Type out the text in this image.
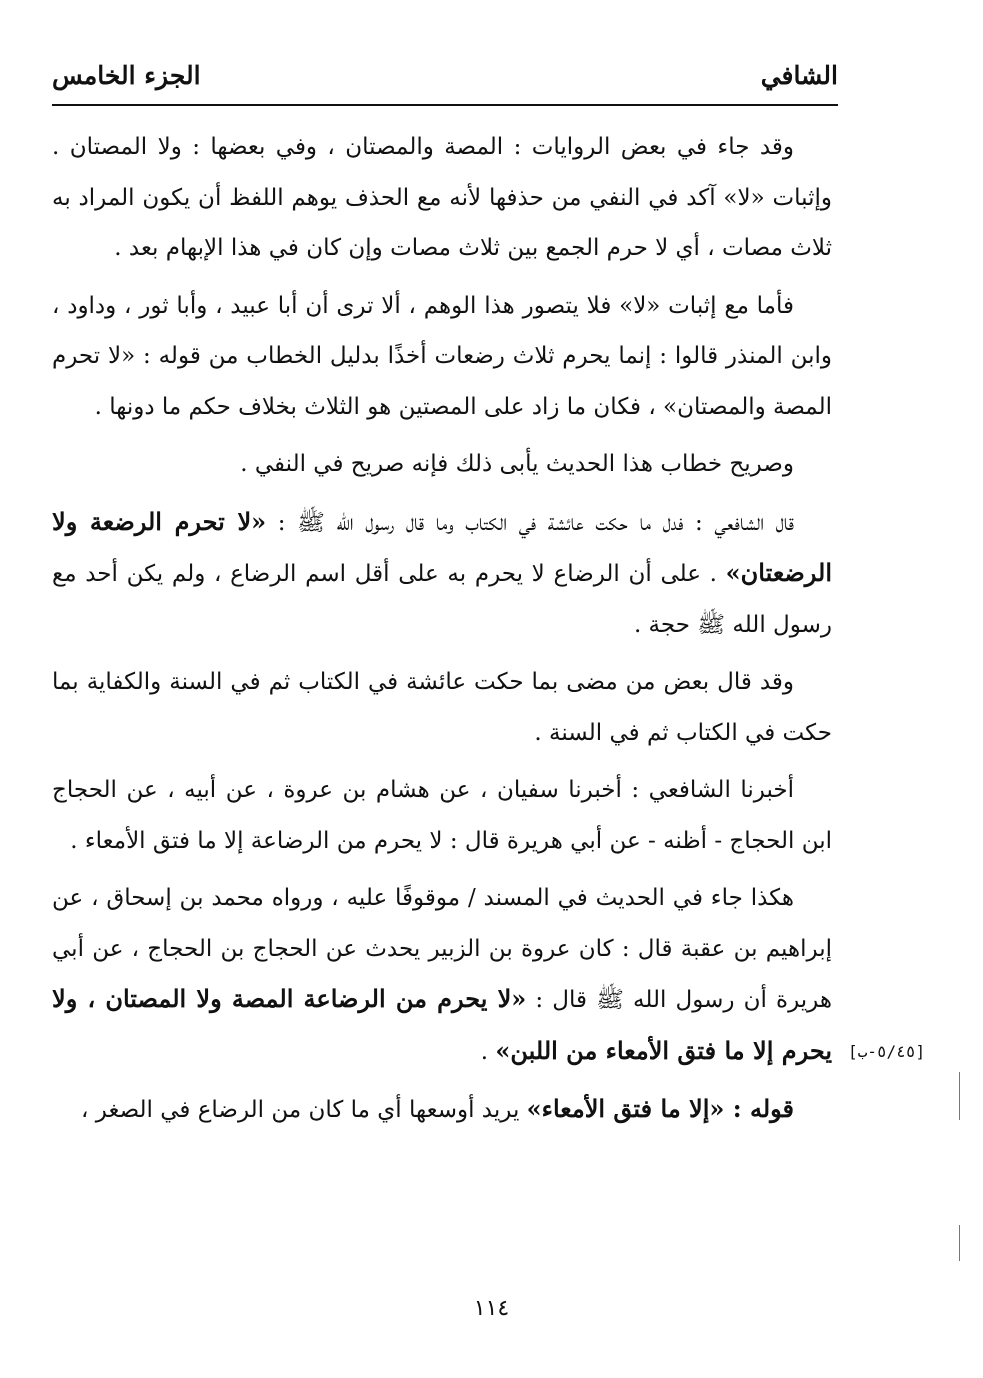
الشافي
الجزء الخامس

وقد جاء في بعض الروايات : المصة والمصتان ، وفي بعضها : ولا المصتان . وإثبات «لا» آكد في النفي من حذفها لأنه مع الحذف يوهم اللفظ أن يكون المراد به ثلاث مصات ، أي لا حرم الجمع بين ثلاث مصات وإن كان في هذا الإبهام بعد .

فأما مع إثبات «لا» فلا يتصور هذا الوهم ، ألا ترى أن أبا عبيد ، وأبا ثور ، وداود ، وابن المنذر قالوا : إنما يحرم ثلاث رضعات أخذًا بدليل الخطاب من قوله : «لا تحرم المصة والمصتان» ، فكان ما زاد على المصتين هو الثلاث بخلاف حكم ما دونها .

وصريح خطاب هذا الحديث يأبى ذلك فإنه صريح في النفي .

قال الشافعي : فدل ما حكت عائشة في الكتاب وما قال رسول الله ﷺ : «لا تحرم الرضعة ولا الرضعتان» . على أن الرضاع لا يحرم به على أقل اسم الرضاع ، ولم يكن أحد مع رسول الله ﷺ حجة .

وقد قال بعض من مضى بما حكت عائشة في الكتاب ثم في السنة والكفاية بما حكت في الكتاب ثم في السنة .

أخبرنا الشافعي : أخبرنا سفيان ، عن هشام بن عروة ، عن أبيه ، عن الحجاج ابن الحجاج - أظنه - عن أبي هريرة قال : لا يحرم من الرضاعة إلا ما فتق الأمعاء .

هكذا جاء في الحديث في المسند / موقوفًا عليه ، ورواه محمد بن إسحاق ، عن إبراهيم بن عقبة قال : كان عروة بن الزبير يحدث عن الحجاج بن الحجاج ، عن أبي هريرة أن رسول الله ﷺ قال : «لا يحرم من الرضاعة المصة ولا المصتان ، ولا يحرم إلا ما فتق الأمعاء من اللبن» .

قوله : «إلا ما فتق الأمعاء» يريد أوسعها أي ما كان من الرضاع في الصغر ،

[٥/٤٥-ب]
١١٤
